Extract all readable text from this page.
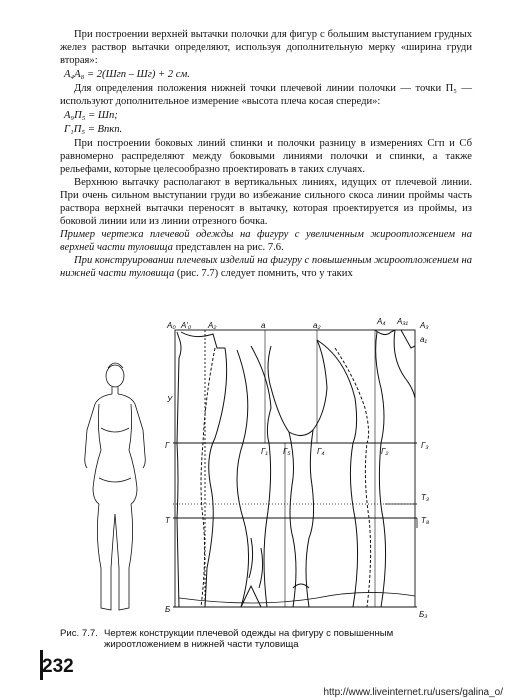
При построении верхней вытачки полочки для фигур с большим выступанием грудных желез раствор вытачки определяют, используя дополнительную мерку «ширина груди вторая»:

А₄А₈ = 2(Шгп – Шг) + 2 см.

Для определения положения нижней точки плечевой линии полочки — точки П₅ — используют дополнительное измерение «высота плеча косая спереди»:

А₉П₅ = Шп;

Г₁П₅ = Впкп.

При построении боковых линий спинки и полочки разницу в измерениях Сгп и Сб равномерно распределяют между боковыми линиями полочки и спинки, а также рельефами, которые целесообразно проектировать в таких случаях.

Верхнюю вытачку располагают в вертикальных линиях, идущих от плечевой линии. При очень сильном выступании груди во избежание сильного скоса линии проймы часть раствора верхней вытачки переносят в вытачку, которая проектируется из проймы, из боковой линии или из линии отрезного бочка.

Пример чертежа плечевой одежды на фигуру с увеличенным жироотложением на верхней части туловища представлен на рис. 7.6.

При конструировании плечевых изделий на фигуру с повышенным жироотложением на нижней части туловища (рис. 7.7) следует помнить, что у таких

А₀ А'₀ А₂	а	а₂	А₄ А₃₁ А₃
а₁
У
Г
Г₁ Г₅	Г₄	Г₂
Г₃
Т₃
Т	Т₈
Б
Б₃
Рис. 7.7. Чертеж конструкции плечевой одежды на фигуру с повышенным жироотложением в нижней части туловища
232
http://www.liveinternet.ru/users/galina_o/
